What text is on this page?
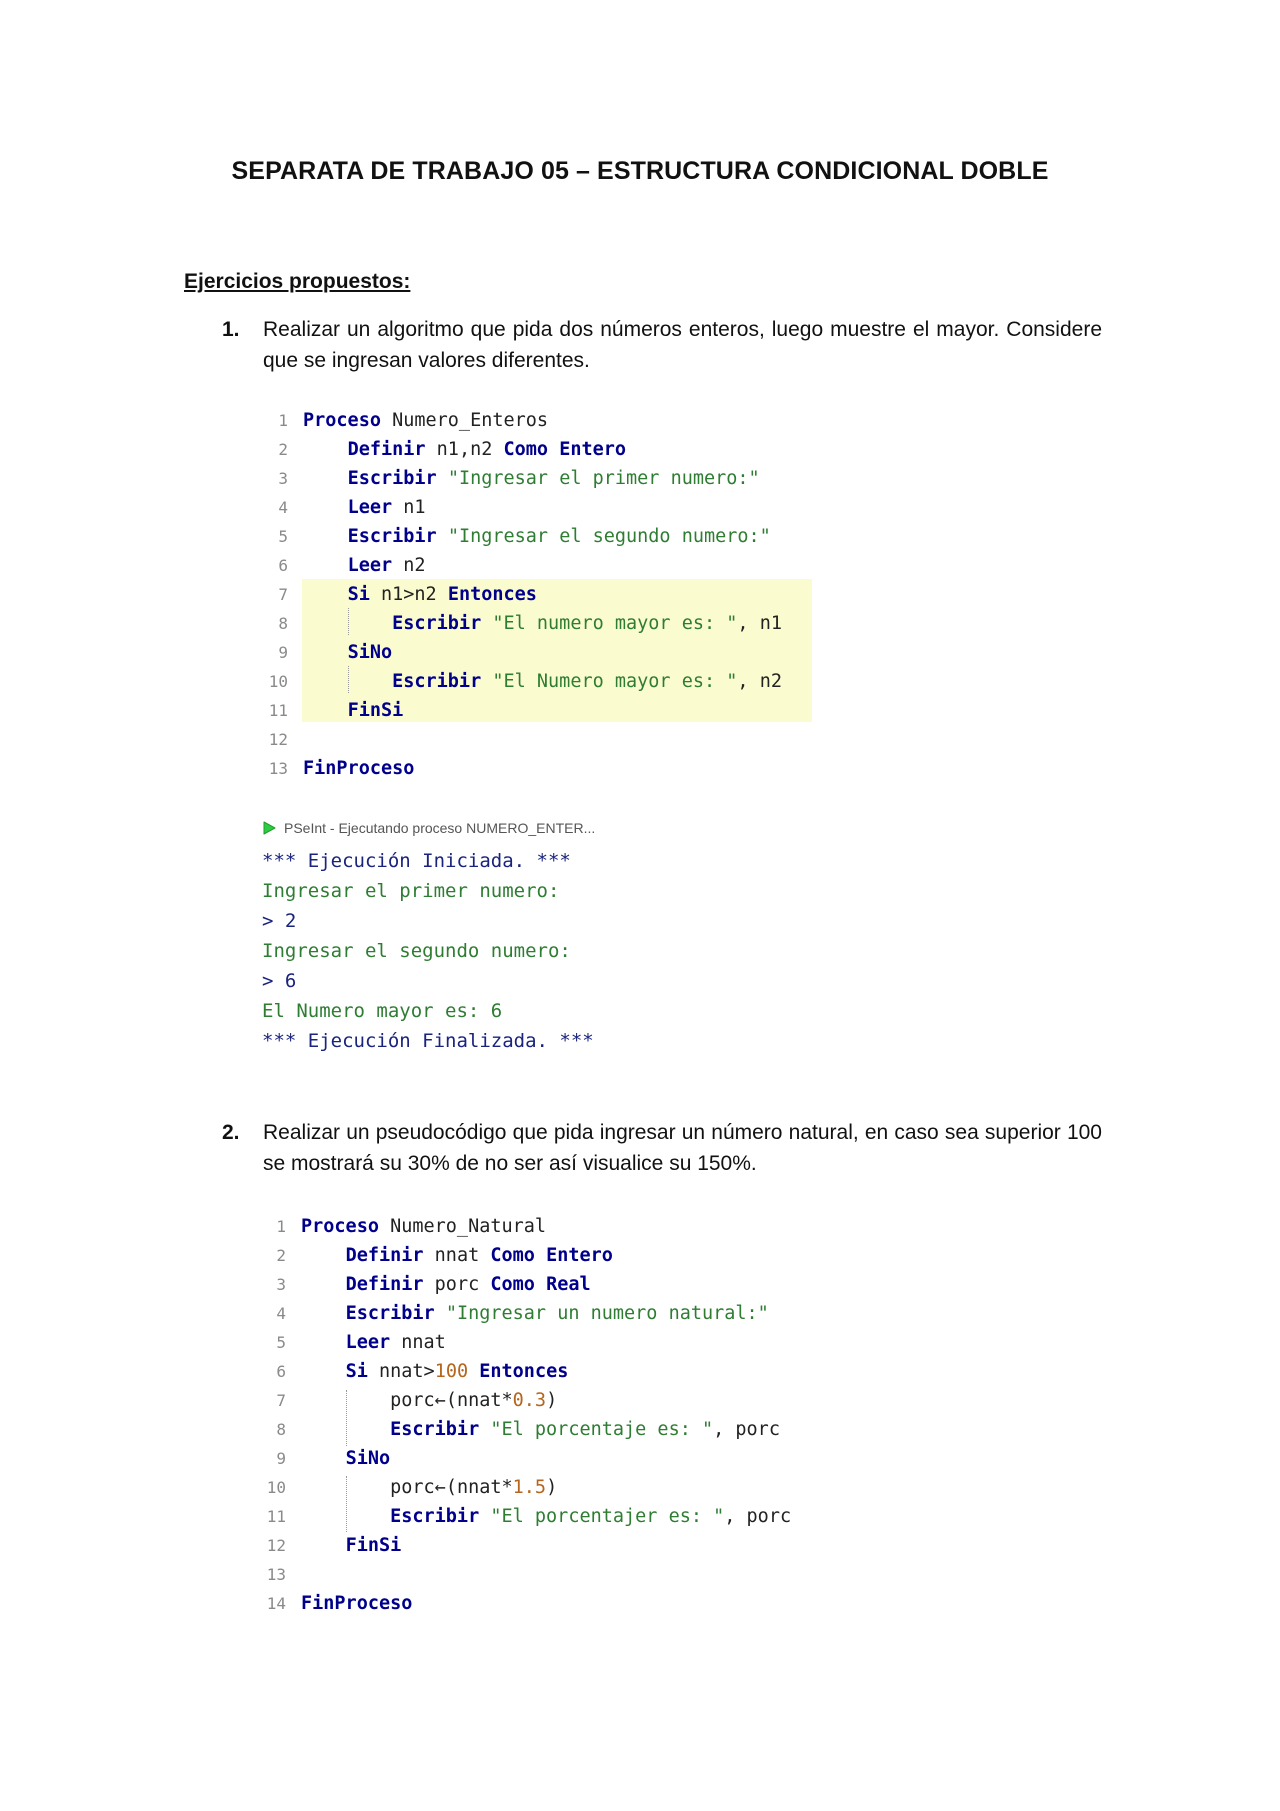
SEPARATA DE TRABAJO 05 – ESTRUCTURA CONDICIONAL DOBLE
Ejercicios propuestos:
1. Realizar un algoritmo que pida dos números enteros, luego muestre el mayor. Considere que se ingresan valores diferentes.
1 Proceso Numero_Enteros
2	Definir n1,n2 Como Entero
3	Escribir "Ingresar el primer numero:"
4	Leer n1
5	Escribir "Ingresar el segundo numero:"
6	Leer n2
7	Si n1>n2 Entonces
8	Escribir "El numero mayor es: ", n1
9	SiNo
10	Escribir "El Numero mayor es: ", n2
11	FinSi
12
13 FinProceso
PSeInt - Ejecutando proceso NUMERO_ENTER...
*** Ejecución Iniciada. ***
Ingresar el primer numero:
> 2
Ingresar el segundo numero:
> 6
El Numero mayor es: 6
*** Ejecución Finalizada. ***
2. Realizar un pseudocódigo que pida ingresar un número natural, en caso sea superior 100 se mostrará su 30% de no ser así visualice su 150%.
1 Proceso Numero_Natural
2	Definir nnat Como Entero
3	Definir porc Como Real
4	Escribir "Ingresar un numero natural:"
5	Leer nnat
6	Si nnat>100 Entonces
7	porc←(nnat*0.3)
8	Escribir "El porcentaje es: ", porc
9	SiNo
10	porc←(nnat*1.5)
11	Escribir "El porcentajer es: ", porc
12	FinSi
13
14 FinProceso
